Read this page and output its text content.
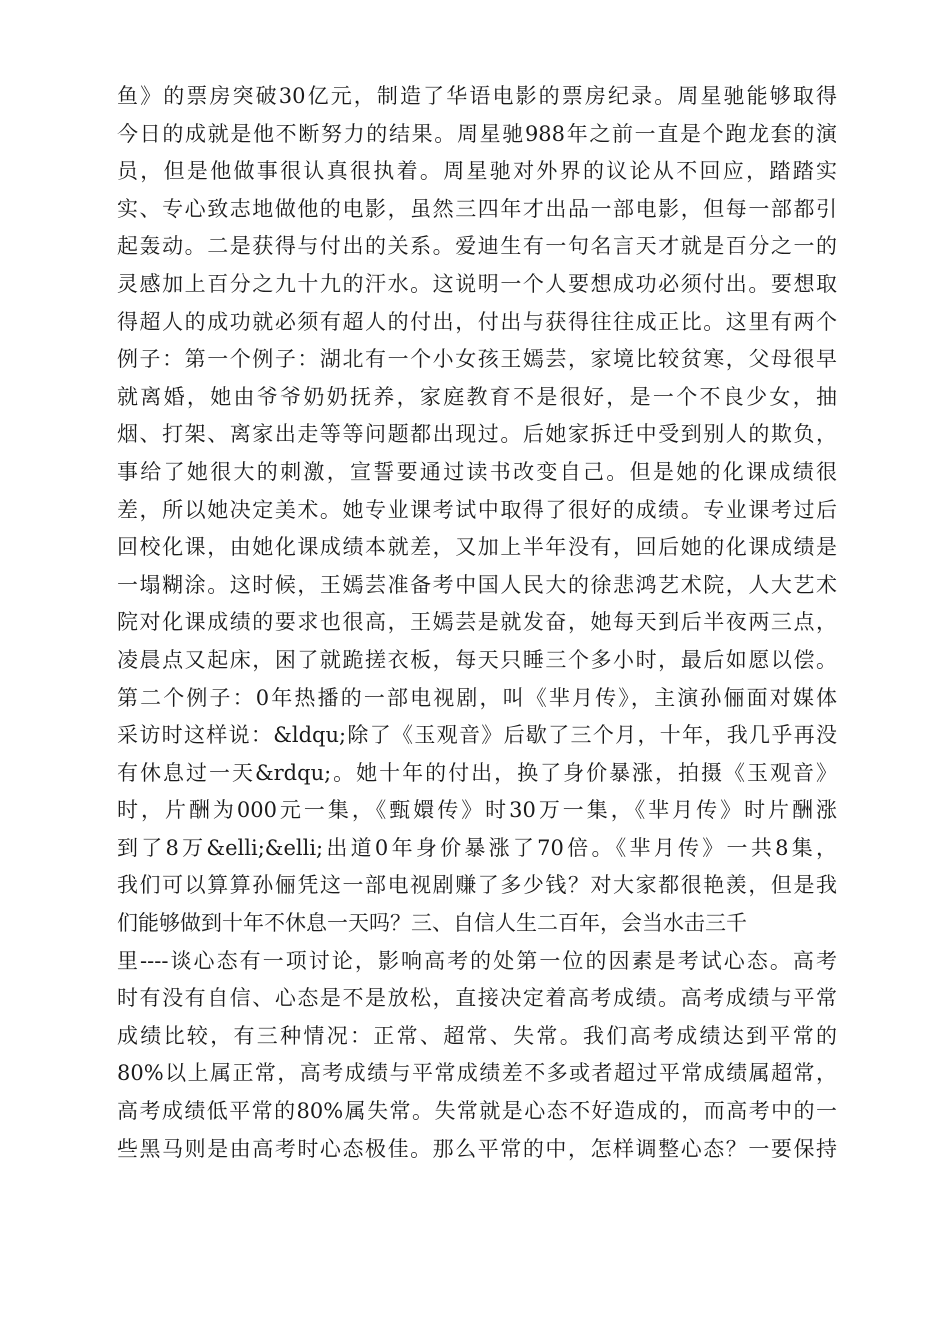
鱼》的票房突破30亿元，制造了华语电影的票房纪录。周星驰能够取得
今日的成就是他不断努力的结果。周星驰988年之前一直是个跑龙套的演
员，但是他做事很认真很执着。周星驰对外界的议论从不回应，踏踏实
实、专心致志地做他的电影，虽然三四年才出品一部电影，但每一部都引
起轰动。二是获得与付出的关系。爱迪生有一句名言天才就是百分之一的
灵感加上百分之九十九的汗水。这说明一个人要想成功必须付出。要想取
得超人的成功就必须有超人的付出，付出与获得往往成正比。这里有两个
例子：第一个例子：湖北有一个小女孩王嫣芸，家境比较贫寒，父母很早
就离婚，她由爷爷奶奶抚养，家庭教育不是很好，是一个不良少女，抽
烟、打架、离家出走等等问题都出现过。后她家拆迁中受到别人的欺负，
事给了她很大的刺激，宣誓要通过读书改变自己。但是她的化课成绩很
差，所以她决定美术。她专业课考试中取得了很好的成绩。专业课考过后
回校化课，由她化课成绩本就差，又加上半年没有，回后她的化课成绩是
一塌糊涂。这时候，王嫣芸准备考中国人民大的徐悲鸿艺术院，人大艺术
院对化课成绩的要求也很高，王嫣芸是就发奋，她每天到后半夜两三点，
凌晨点又起床，困了就跪搓衣板，每天只睡三个多小时，最后如愿以偿。
第二个例子：0年热播的一部电视剧，叫《芈月传》，主演孙俪面对媒体
采访时这样说：&ldqu;除了《玉观音》后歇了三个月，十年，我几乎再没
有休息过一天&rdqu;。她十年的付出，换了身价暴涨，拍摄《玉观音》
时，片酬为000元一集，《甄嬛传》时30万一集，《芈月传》时片酬涨
到了8万&elli;&elli;出道0年身价暴涨了70倍。《芈月传》一共8集，
我们可以算算孙俪凭这一部电视剧赚了多少钱？对大家都很艳羡，但是我
们能够做到十年不休息一天吗？三、自信人生二百年，会当水击三千
里----谈心态有一项讨论，影响高考的处第一位的因素是考试心态。高考
时有没有自信、心态是不是放松，直接决定着高考成绩。高考成绩与平常
成绩比较，有三种情况：正常、超常、失常。我们高考成绩达到平常的
80%以上属正常，高考成绩与平常成绩差不多或者超过平常成绩属超常，
高考成绩低平常的80%属失常。失常就是心态不好造成的，而高考中的一
些黑马则是由高考时心态极佳。那么平常的中，怎样调整心态？一要保持
